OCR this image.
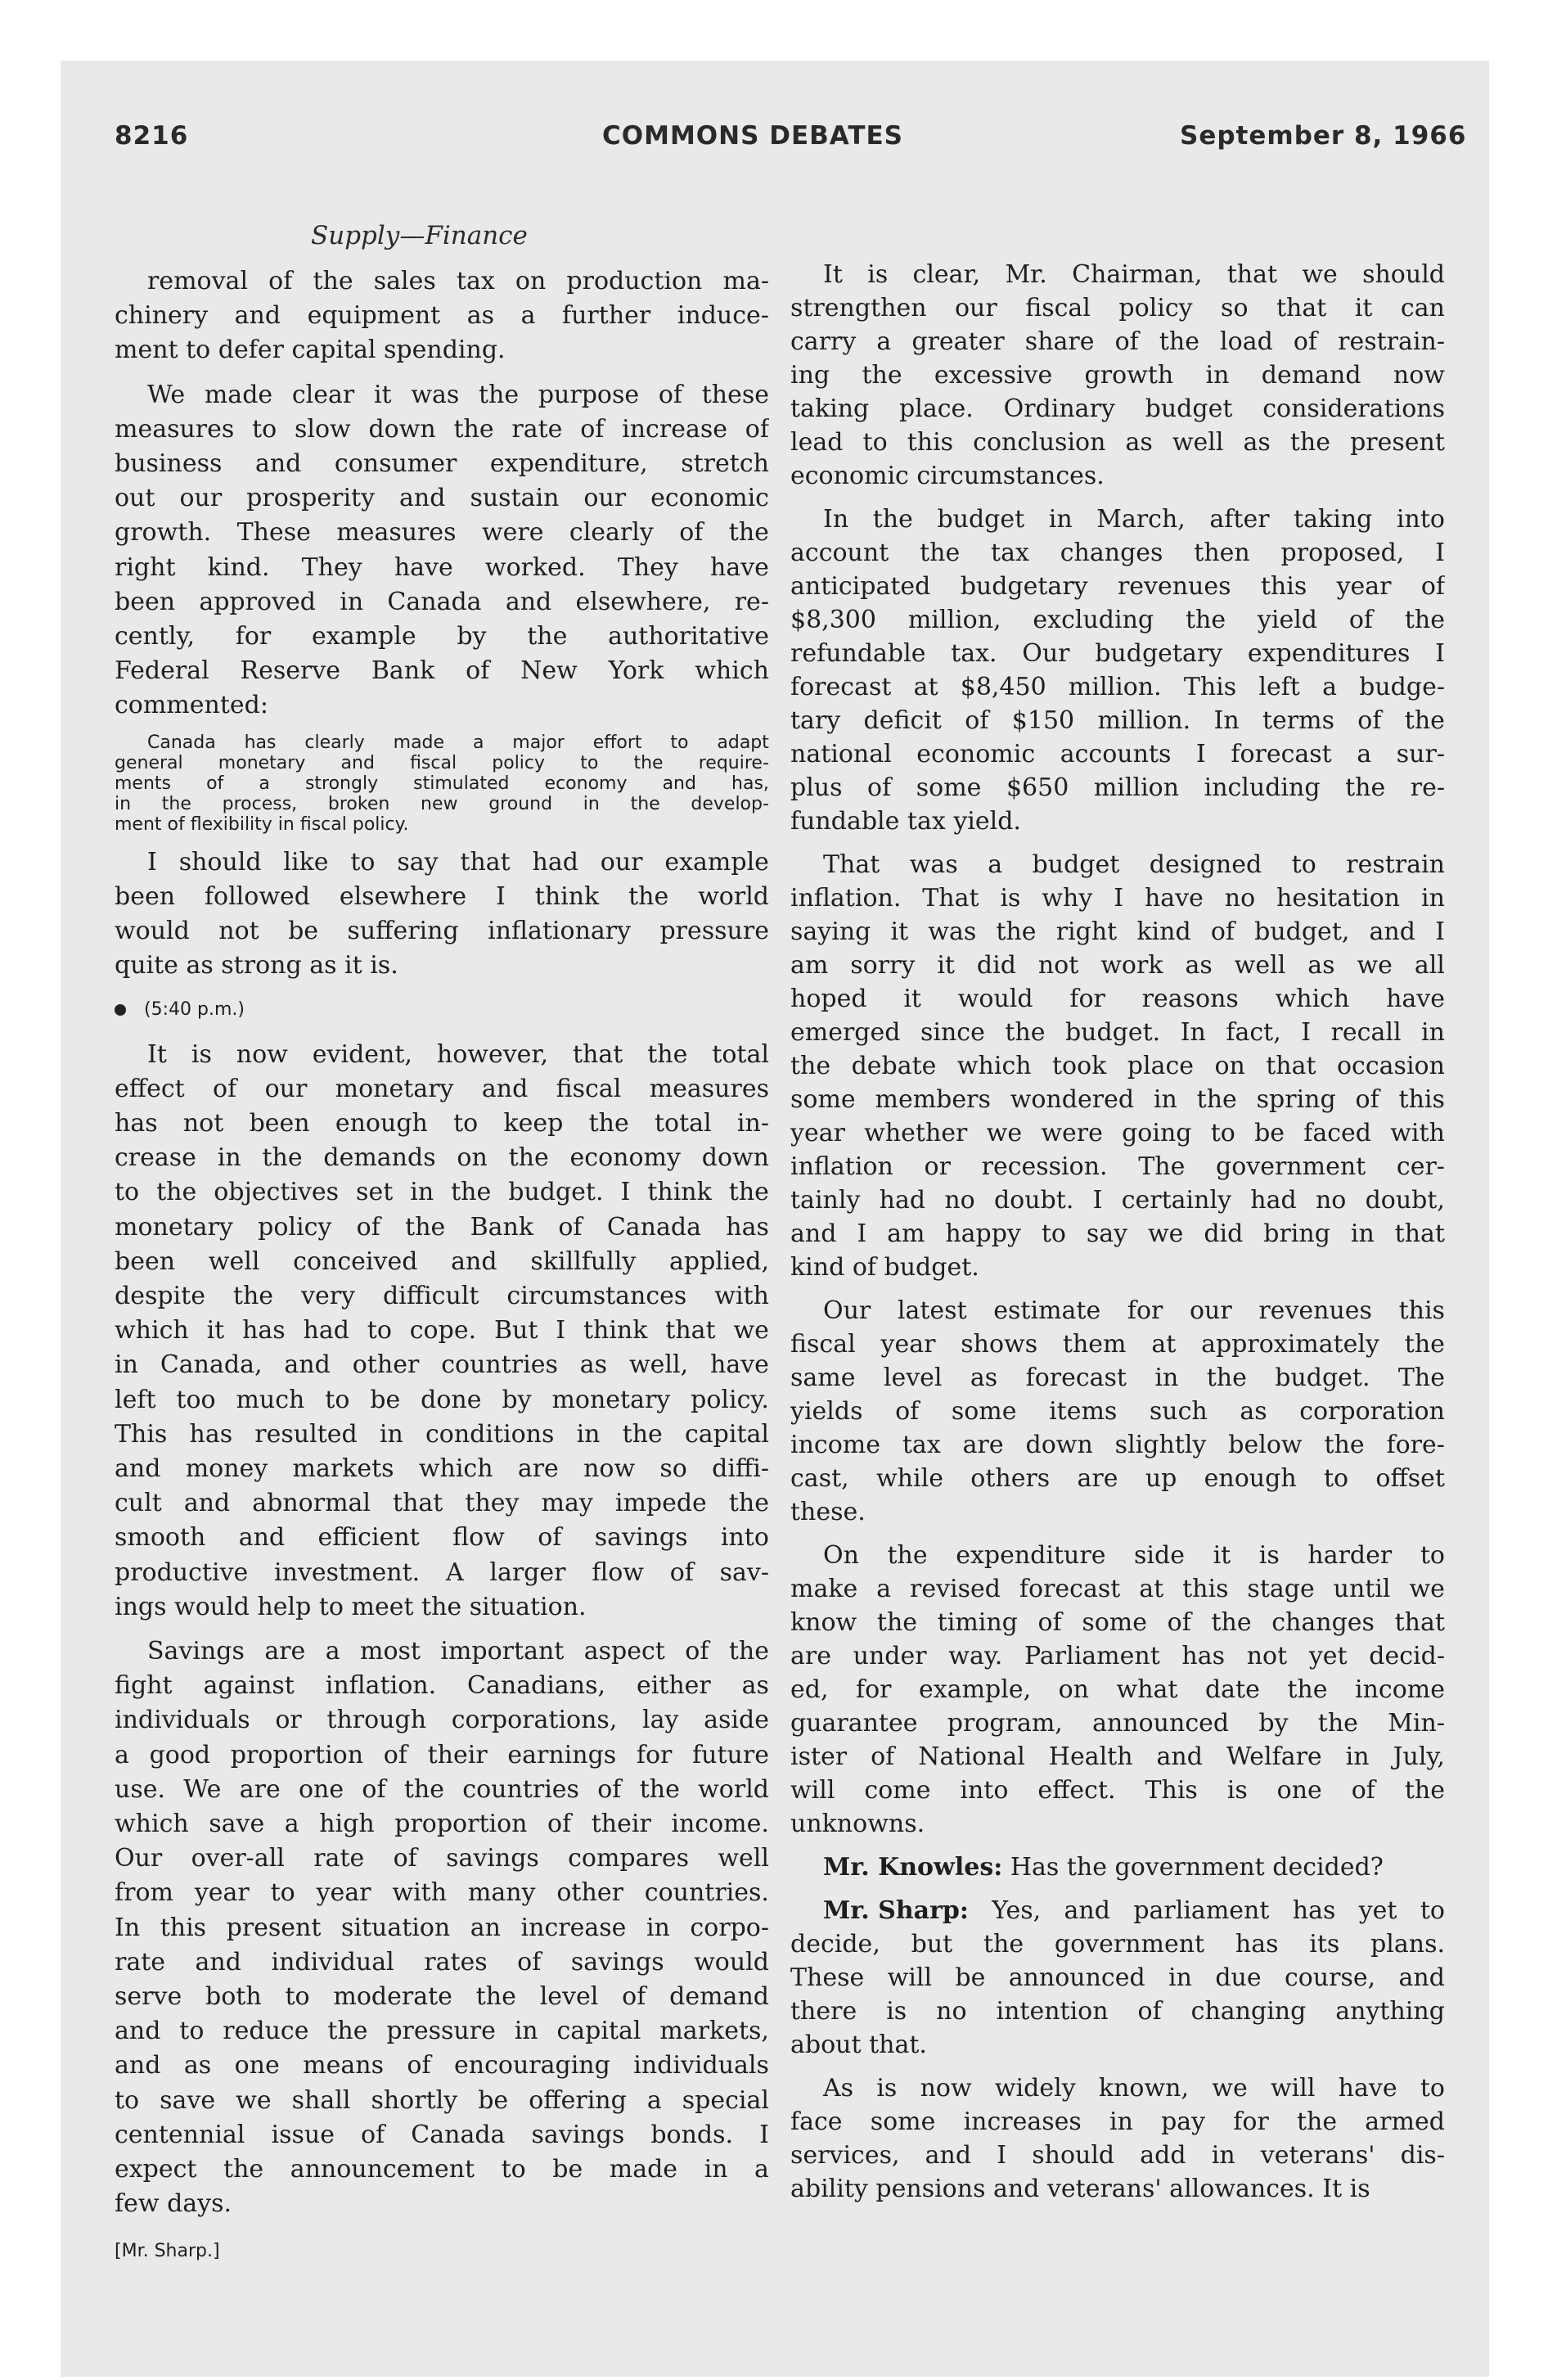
8216	COMMONS DEBATES	September 8, 1966
Supply—Finance
removal of the sales tax on production ma-
chinery and equipment as a further induce-
ment to defer capital spending.
We made clear it was the purpose of these
measures to slow down the rate of increase of
business and consumer expenditure, stretch
out our prosperity and sustain our economic
growth. These measures were clearly of the
right kind. They have worked. They have
been approved in Canada and elsewhere, re-
cently, for example by the authoritative
Federal Reserve Bank of New York which
commented:
Canada has clearly made a major effort to adapt
general monetary and fiscal policy to the require-
ments of a strongly stimulated economy and has,
in the process, broken new ground in the develop-
ment of flexibility in fiscal policy.
I should like to say that had our example
been followed elsewhere I think the world
would not be suffering inflationary pressure
quite as strong as it is.
(5:40 p.m.)
It is now evident, however, that the total
effect of our monetary and fiscal measures
has not been enough to keep the total in-
crease in the demands on the economy down
to the objectives set in the budget. I think the
monetary policy of the Bank of Canada has
been well conceived and skillfully applied,
despite the very difficult circumstances with
which it has had to cope. But I think that we
in Canada, and other countries as well, have
left too much to be done by monetary policy.
This has resulted in conditions in the capital
and money markets which are now so diffi-
cult and abnormal that they may impede the
smooth and efficient flow of savings into
productive investment. A larger flow of sav-
ings would help to meet the situation.
Savings are a most important aspect of the
fight against inflation. Canadians, either as
individuals or through corporations, lay aside
a good proportion of their earnings for future
use. We are one of the countries of the world
which save a high proportion of their income.
Our over-all rate of savings compares well
from year to year with many other countries.
In this present situation an increase in corpo-
rate and individual rates of savings would
serve both to moderate the level of demand
and to reduce the pressure in capital markets,
and as one means of encouraging individuals
to save we shall shortly be offering a special
centennial issue of Canada savings bonds. I
expect the announcement to be made in a
few days.
[Mr. Sharp.]
It is clear, Mr. Chairman, that we should
strengthen our fiscal policy so that it can
carry a greater share of the load of restrain-
ing the excessive growth in demand now
taking place. Ordinary budget considerations
lead to this conclusion as well as the present
economic circumstances.
In the budget in March, after taking into
account the tax changes then proposed, I
anticipated budgetary revenues this year of
$8,300 million, excluding the yield of the
refundable tax. Our budgetary expenditures I
forecast at $8,450 million. This left a budge-
tary deficit of $150 million. In terms of the
national economic accounts I forecast a sur-
plus of some $650 million including the re-
fundable tax yield.
That was a budget designed to restrain
inflation. That is why I have no hesitation in
saying it was the right kind of budget, and I
am sorry it did not work as well as we all
hoped it would for reasons which have
emerged since the budget. In fact, I recall in
the debate which took place on that occasion
some members wondered in the spring of this
year whether we were going to be faced with
inflation or recession. The government cer-
tainly had no doubt. I certainly had no doubt,
and I am happy to say we did bring in that
kind of budget.
Our latest estimate for our revenues this
fiscal year shows them at approximately the
same level as forecast in the budget. The
yields of some items such as corporation
income tax are down slightly below the fore-
cast, while others are up enough to offset
these.
On the expenditure side it is harder to
make a revised forecast at this stage until we
know the timing of some of the changes that
are under way. Parliament has not yet decid-
ed, for example, on what date the income
guarantee program, announced by the Min-
ister of National Health and Welfare in July,
will come into effect. This is one of the
unknowns.
Mr. Knowles: Has the government decided?
Mr. Sharp: Yes, and parliament has yet to
decide, but the government has its plans.
These will be announced in due course, and
there is no intention of changing anything
about that.
As is now widely known, we will have to
face some increases in pay for the armed
services, and I should add in veterans' dis-
ability pensions and veterans' allowances. It is
